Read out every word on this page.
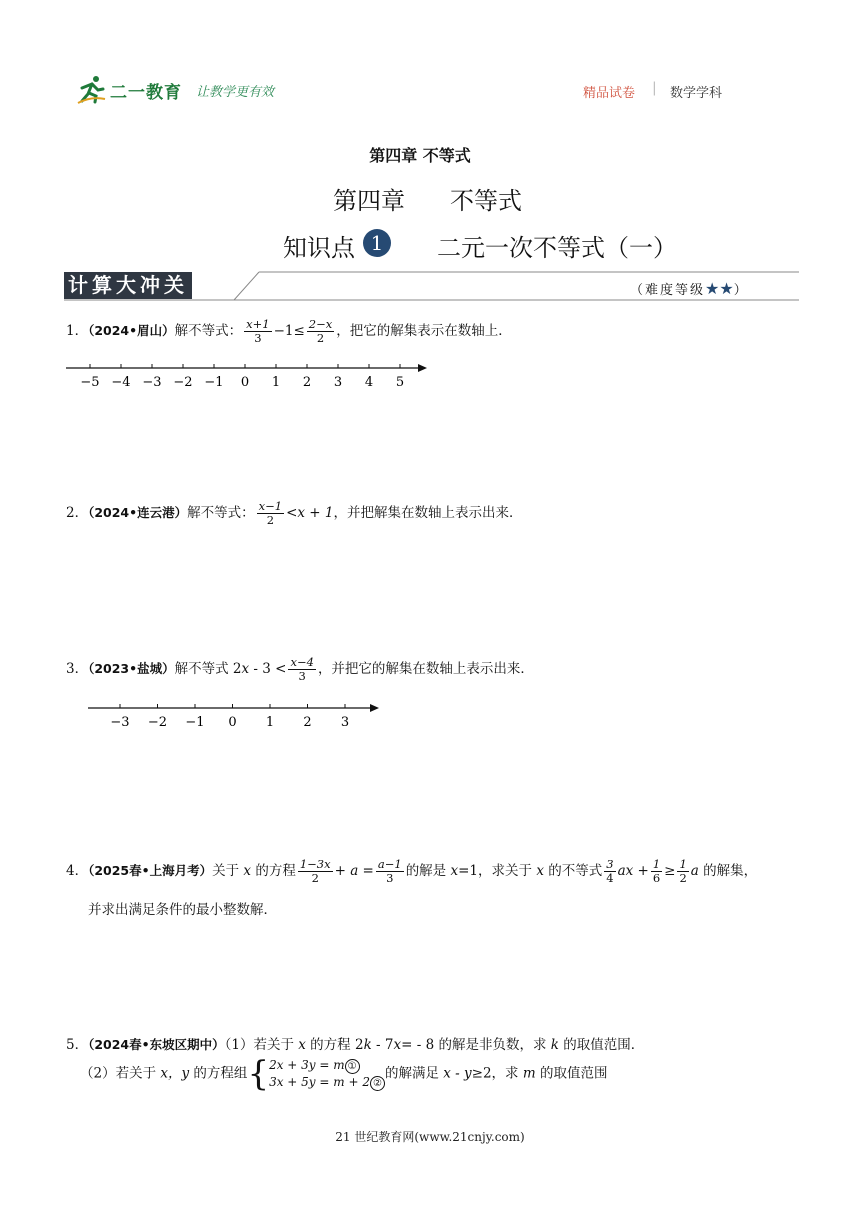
二一教育 让教学更有效	精品试卷 | 数学学科
第四章 不等式
第四章 不等式
知识点 1	二元一次不等式（一）
计算大冲关	（难度等级★★）
1．（2024•眉山）解不等式： $\frac{x+1}{3} -1\le \frac{2-x}{2}$ ，把它的解集表示在数轴上．
−5 −4 −3 −2 −1 0 1 2 3 4 5
2．（2024•连云港）解不等式： $\frac{x-1}{2} <x + 1$，并把解集在数轴上表示出来．
3．（2023•盐城）解不等式 $2x - 3 < \frac{x-4}{3}$ ，并把它的解集在数轴上表示出来．
−3 −2 −1 0 1 2 3
4．（2025春•上海月考）关于 x 的方程 $\frac{1-3x}{2} + a = \frac{a-1}{3}$ 的解是 x=1，求关于 x 的不等式 $\frac{3}{4}$ ax + $\frac{1}{6} \ge \frac{1}{2}$ a 的解集，
并求出满足条件的最小整数解．
5．（2024春•东坡区期中）（1）若关于 x 的方程 2k - 7x= - 8 的解是非负数，求 k 的取值范围．
（2）若关于 x，y 的方程组{ 2x + 3y = m ①
3x + 5y = m + 2 ②
的解满足 x - y≥2，求 m 的取值范围
21 世纪教育网(www.21cnjy.com)
